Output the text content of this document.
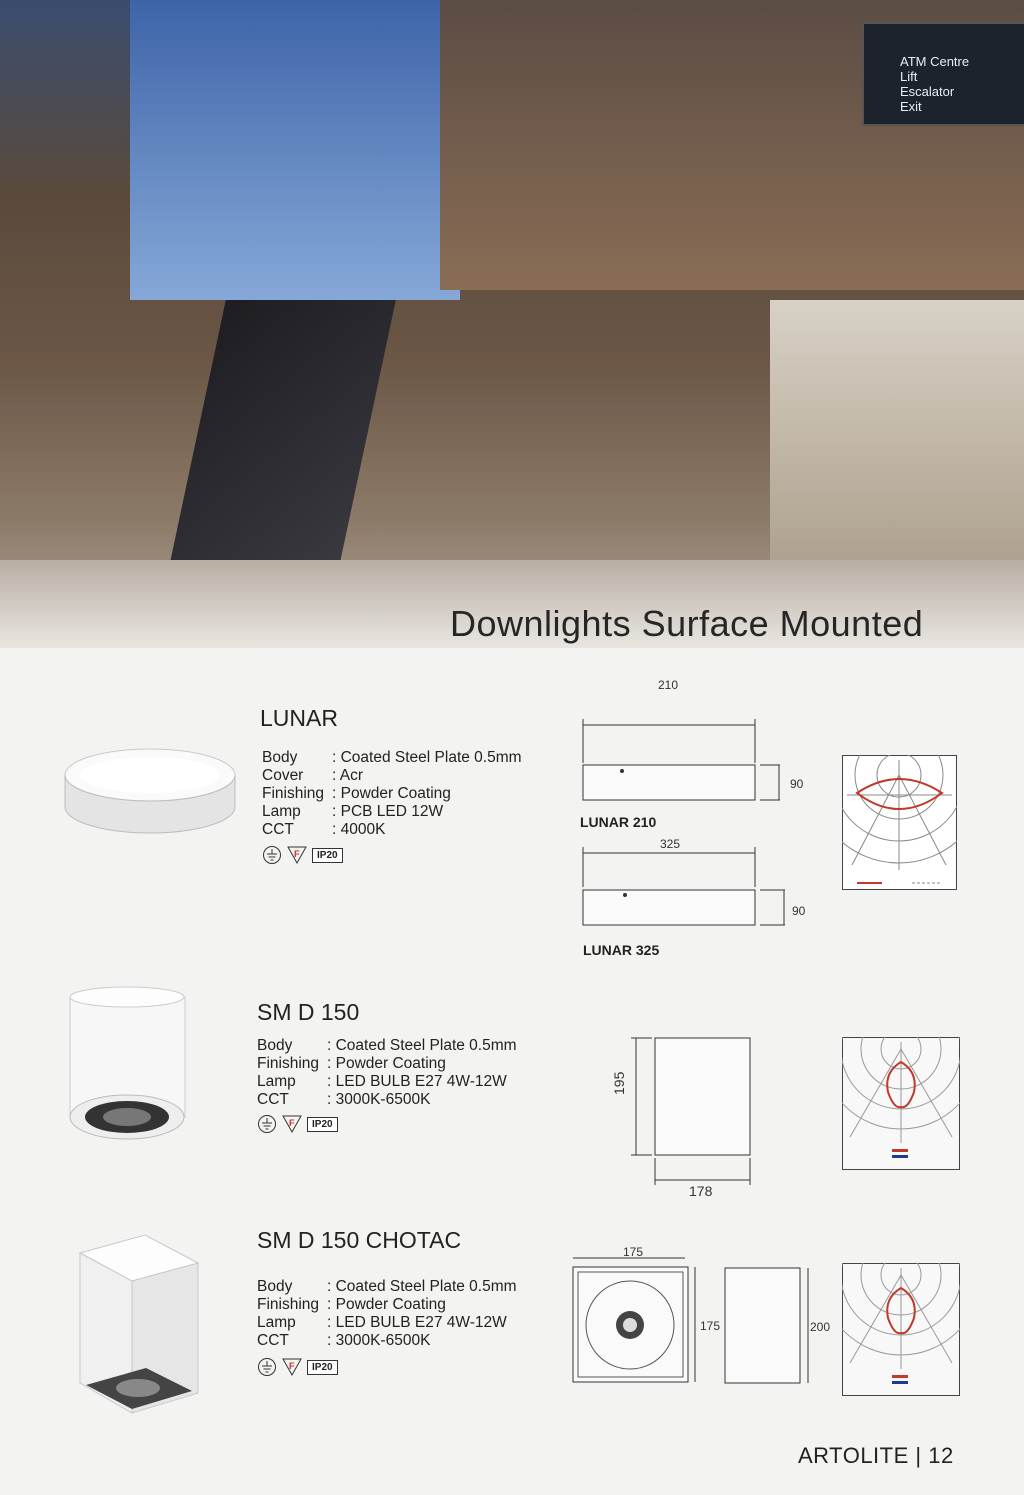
ATM Centre
Lift
Escalator
Exit
Downlights Surface Mounted
LUNAR
Body	: Coated Steel Plate 0.5mm
Cover	: Acr
Finishing : Powder Coating
Lamp	: PCB LED 12W
CCT	: 4000K
F	IP20
210
90
LUNAR 210
325
90
LUNAR 325
SM D 150
Body	: Coated Steel Plate 0.5mm
Finishing : Powder Coating
Lamp	: LED BULB E27 4W-12W
CCT	: 3000K-6500K
F	IP20
195
178
SM D 150 CHOTAC
Body	: Coated Steel Plate 0.5mm
Finishing : Powder Coating
Lamp	: LED BULB E27 4W-12W
CCT	: 3000K-6500K
F	IP20
175
175	200
ARTOLITE | 12
